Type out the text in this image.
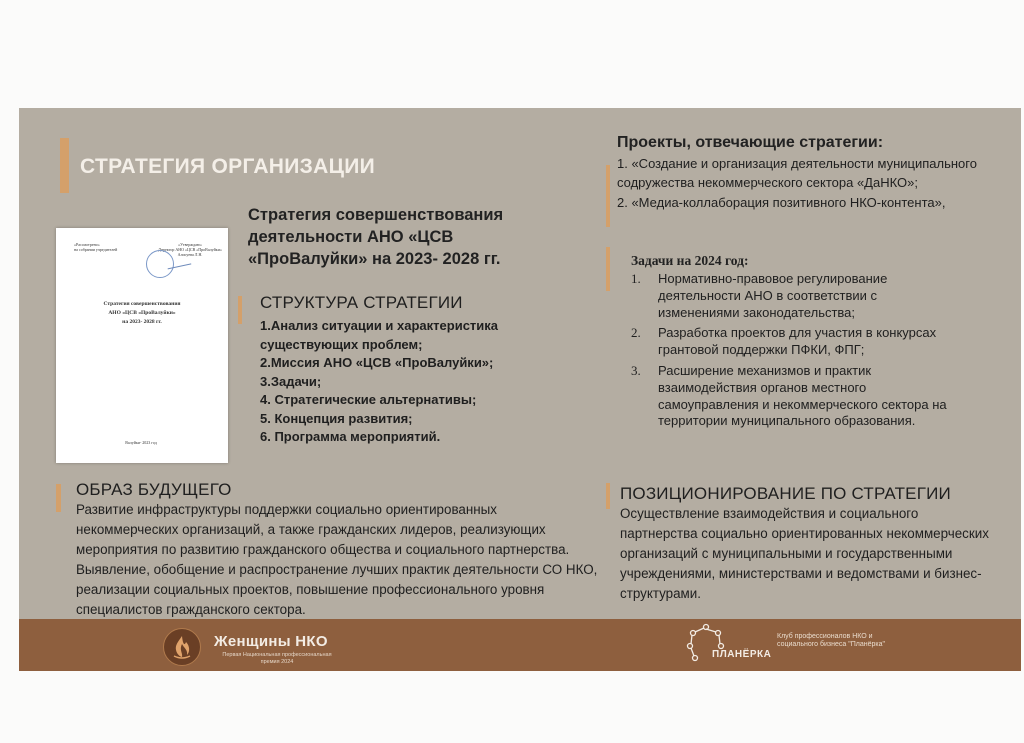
СТРАТЕГИЯ ОРГАНИЗАЦИИ
«Рассмотрено»
на собрании учредителей
«Утверждаю»
Директор АНО «ЦСВ «ПроВалуйки»
Алисуева Л.Н.
Стратегия совершенствования
АНО «ЦСВ «ПроВалуйки»
на 2023- 2028 гг.
Валуйки- 2023 год
Стратегия совершенствования деятельности АНО «ЦСВ «ПроВалуйки» на 2023- 2028 гг.
СТРУКТУРА СТРАТЕГИИ
1.Анализ ситуации и характеристика существующих проблем;
2.Миссия АНО «ЦСВ «ПроВалуйки»;
3.Задачи;
4. Стратегические альтернативы;
5. Концепция развития;
6. Программа мероприятий.
ОБРАЗ БУДУЩЕГО

Развитие инфраструктуры поддержки социально ориентированных некоммерческих организаций, а также гражданских лидеров, реализующих мероприятия по развитию гражданского общества и социального партнерства. Выявление, обобщение и распространение лучших практик деятельности СО НКО, реализации социальных проектов, повышение профессионального уровня специалистов гражданского сектора.

Проекты, отвечающие стратегии:
1. «Создание и организация деятельности муниципального содружества некоммерческого сектора «ДаНКО»;
2. «Медиа-коллаборация позитивного НКО-контента»,
Задачи на 2024 год:
1. Нормативно-правовое регулирование деятельности АНО в соответствии с изменениями законодательства;
2. Разработка проектов для участия в конкурсах грантовой поддержки ПФКИ, ФПГ;
3. Расширение механизмов и практик взаимодействия органов местного самоуправления и некоммерческого сектора на территории муниципального образования.
ПОЗИЦИОНИРОВАНИЕ ПО СТРАТЕГИИ

Осуществление взаимодействия и социального партнерства социально ориентированных некоммерческих организаций с муниципальными и государственными учреждениями, министерствами и ведомствами и бизнес-структурами.

Женщины НКО

Первая Национальная профессиональная премия 2024

ПЛАНЁРКА

Клуб профессионалов НКО и социального бизнеса "Планёрка"
